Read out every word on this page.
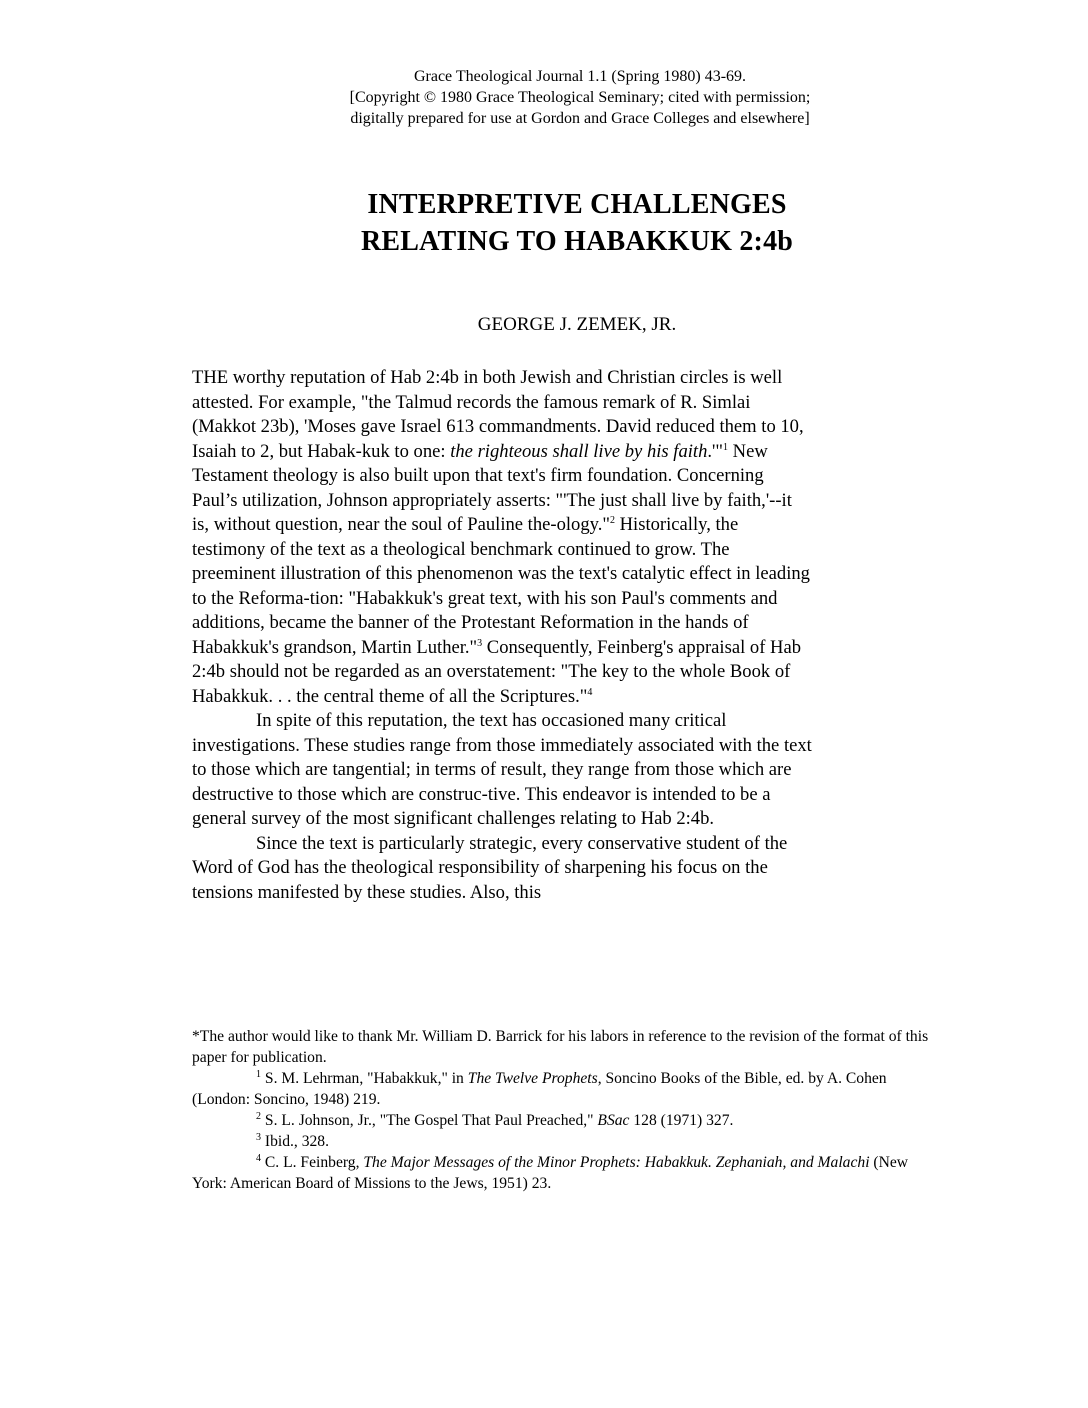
Grace Theological Journal 1.1 (Spring 1980) 43-69.
[Copyright © 1980 Grace Theological Seminary; cited with permission;
digitally prepared for use at Gordon and Grace Colleges and elsewhere]
INTERPRETIVE CHALLENGES
RELATING TO HABAKKUK 2:4b
GEORGE J. ZEMEK, JR.

THE worthy reputation of Hab 2:4b in both Jewish and Christian circles is well attested. For example, "the Talmud records the famous remark of R. Simlai (Makkot 23b), 'Moses gave Israel 613 commandments. David reduced them to 10, Isaiah to 2, but Habak-kuk to one: the righteous shall live by his faith.'"$^1$ New Testament theology is also built upon that text's firm foundation. Concerning Paul’s utilization, Johnson appropriately asserts: "'The just shall live by faith,'--it is, without question, near the soul of Pauline the-ology."$^2$ Historically, the testimony of the text as a theological benchmark continued to grow. The preeminent illustration of this phenomenon was the text's catalytic effect in leading to the Reforma-tion: "Habakkuk's great text, with his son Paul's comments and additions, became the banner of the Protestant Reformation in the hands of Habakkuk's grandson, Martin Luther."$^3$ Consequently, Feinberg's appraisal of Hab 2:4b should not be regarded as an overstatement: "The key to the whole Book of Habakkuk. . . the central theme of all the Scriptures."$^4$

In spite of this reputation, the text has occasioned many critical investigations. These studies range from those immediately associated with the text to those which are tangential; in terms of result, they range from those which are destructive to those which are construc-tive. This endeavor is intended to be a general survey of the most significant challenges relating to Hab 2:4b.

Since the text is particularly strategic, every conservative student of the Word of God has the theological responsibility of sharpening his focus on the tensions manifested by these studies. Also, this

*The author would like to thank Mr. William D. Barrick for his labors in reference to the revision of the format of this paper for publication.

$^1$ S. M. Lehrman, "Habakkuk," in The Twelve Prophets, Soncino Books of the Bible, ed. by A. Cohen (London: Soncino, 1948) 219.

$^2$ S. L. Johnson, Jr., "The Gospel That Paul Preached," BSac 128 (1971) 327.

$^3$ Ibid., 328.

$^4$ C. L. Feinberg, The Major Messages of the Minor Prophets: Habakkuk. Zephaniah, and Malachi (New York: American Board of Missions to the Jews, 1951) 23.
